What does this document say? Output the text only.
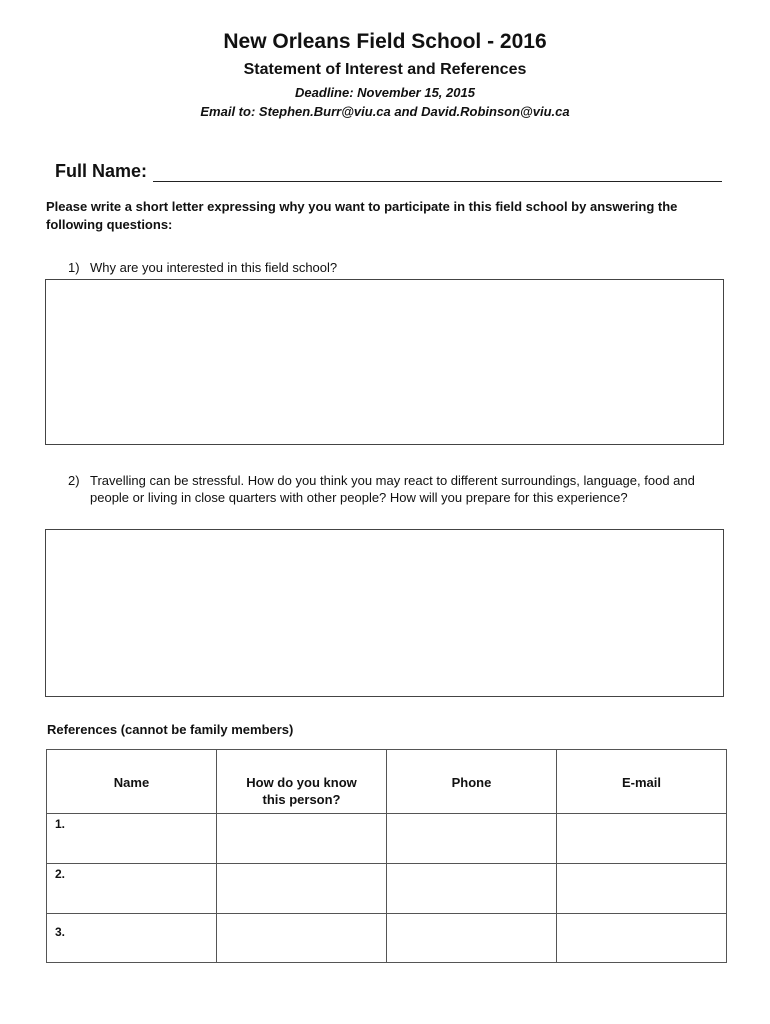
New Orleans Field School - 2016
Statement of Interest and References
Deadline: November 15, 2015
Email to: Stephen.Burr@viu.ca and David.Robinson@viu.ca
Full Name:
Please write a short letter expressing why you want to participate in this field school by answering the following questions:
1) Why are you interested in this field school?
2) Travelling can be stressful. How do you think you may react to different surroundings, language, food and people or living in close quarters with other people? How will you prepare for this experience?
References (cannot be family members)
Name	How do you know this person?	Phone	E-mail

1.			

2.			

3.			
